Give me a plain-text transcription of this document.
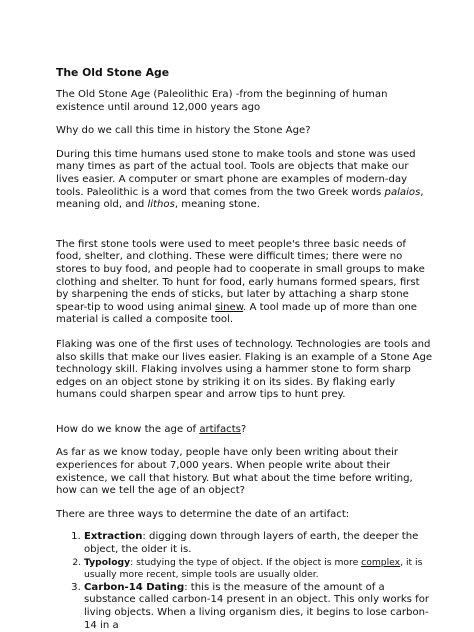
The Old Stone Age

The Old Stone Age (Paleolithic Era) -from the beginning of human existence until around 12,000 years ago

Why do we call this time in history the Stone Age?

During this time humans used stone to make tools and stone was used many times as part of the actual tool. Tools are objects that make our lives easier. A computer or smart phone are examples of modern-day tools. Paleolithic is a word that comes from the two Greek words palaios, meaning old, and lithos, meaning stone.

The first stone tools were used to meet people's three basic needs of food, shelter, and clothing. These were difficult times; there were no stores to buy food, and people had to cooperate in small groups to make clothing and shelter. To hunt for food, early humans formed spears, first by sharpening the ends of sticks, but later by attaching a sharp stone spear-tip to wood using animal sinew. A tool made up of more than one material is called a composite tool.

Flaking was one of the first uses of technology. Technologies are tools and also skills that make our lives easier. Flaking is an example of a Stone Age technology skill. Flaking involves using a hammer stone to form sharp edges on an object stone by striking it on its sides. By flaking early humans could sharpen spear and arrow tips to hunt prey.

How do we know the age of artifacts?

As far as we know today, people have only been writing about their experiences for about 7,000 years. When people write about their existence, we call that history. But what about the time before writing, how can we tell the age of an object?

There are three ways to determine the date of an artifact:

1. Extraction: digging down through layers of earth, the deeper the object, the older it is.
2. Typology: studying the type of object. If the object is more complex, it is usually more recent, simple tools are usually older.
3. Carbon-14 Dating: this is the measure of the amount of a substance called carbon-14 present in an object. This only works for living objects. When a living organism dies, it begins to lose carbon-14 in a
